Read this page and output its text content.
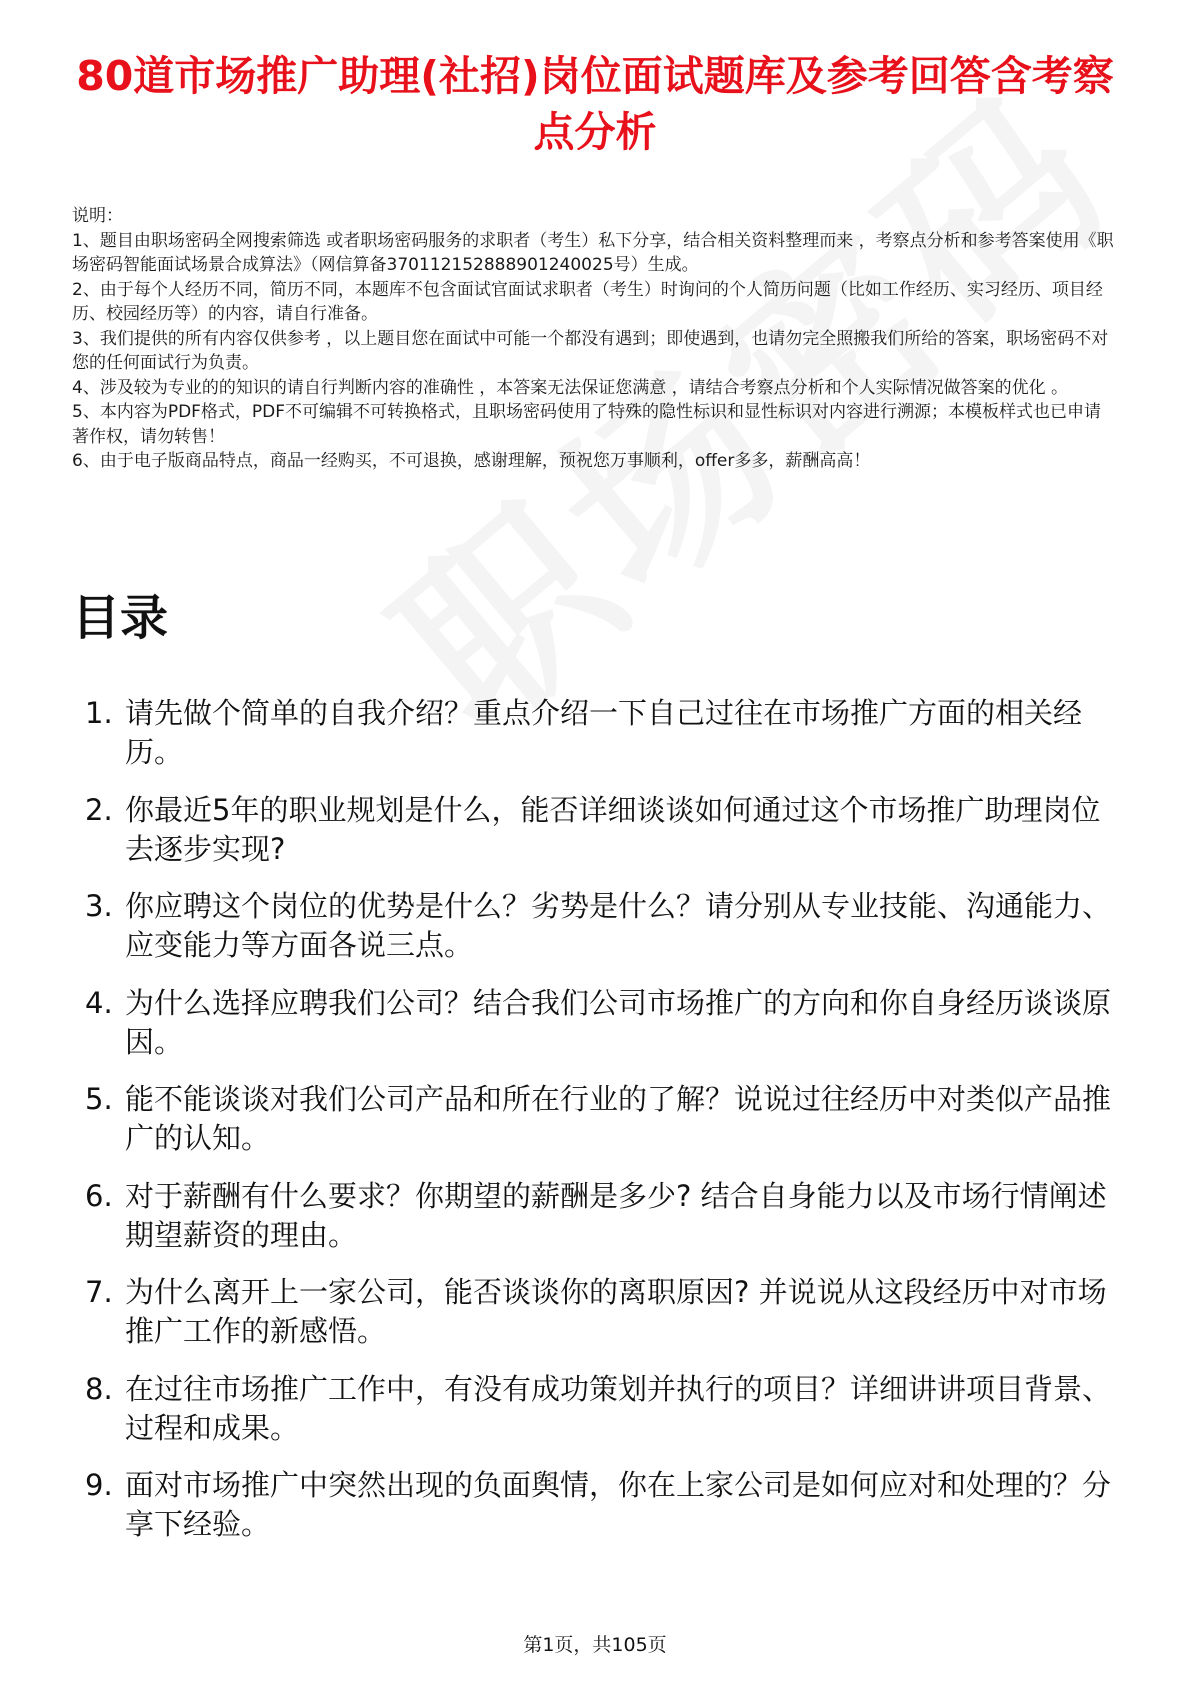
80道市场推广助理(社招)岗位面试题库及参考回答含考察点分析

说明：

1、题目由职场密码全网搜索筛选 或者职场密码服务的求职者（考生）私下分享，结合相关资料整理而来 ，考察点分析和参考答案使用《职场密码智能面试场景合成算法》（网信算备370112152888901240025号）生成。

2、由于每个人经历不同，简历不同，本题库不包含面试官面试求职者（考生）时询问的个人简历问题（比如工作经历、实习经历、项目经历、校园经历等）的内容，请自行准备。

3、我们提供的所有内容仅供参考 ，以上题目您在面试中可能一个都没有遇到；即使遇到，也请勿完全照搬我们所给的答案，职场密码不对您的任何面试行为负责。

4、涉及较为专业的的知识的请自行判断内容的准确性 ，本答案无法保证您满意 ，请结合考察点分析和个人实际情况做答案的优化 。

5、本内容为PDF格式，PDF不可编辑不可转换格式，且职场密码使用了特殊的隐性标识和显性标识对内容进行溯源；本模板样式也已申请著作权，请勿转售！

6、由于电子版商品特点，商品一经购买，不可退换，感谢理解，预祝您万事顺利，offer多多，薪酬高高！

目录
1. 请先做个简单的自我介绍？重点介绍一下自己过往在市场推广方面的相关经历。
2. 你最近5年的职业规划是什么，能否详细谈谈如何通过这个市场推广助理岗位去逐步实现?
3. 你应聘这个岗位的优势是什么？劣势是什么？请分别从专业技能、沟通能力、应变能力等方面各说三点。
4. 为什么选择应聘我们公司？结合我们公司市场推广的方向和你自身经历谈谈原因。
5. 能不能谈谈对我们公司产品和所在行业的了解？说说过往经历中对类似产品推广的认知。
6. 对于薪酬有什么要求？你期望的薪酬是多少? 结合自身能力以及市场行情阐述期望薪资的理由。
7. 为什么离开上一家公司，能否谈谈你的离职原因? 并说说从这段经历中对市场推广工作的新感悟。
8. 在过往市场推广工作中，有没有成功策划并执行的项目？详细讲讲项目背景、过程和成果。
9. 面对市场推广中突然出现的负面舆情，你在上家公司是如何应对和处理的？分享下经验。
第1页，共105页
